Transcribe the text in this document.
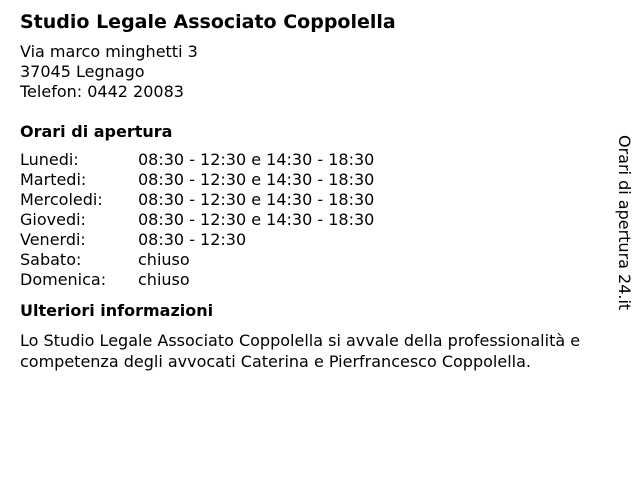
Studio Legale Associato Coppolella
Via marco minghetti 3
37045 Legnago
Telefon: 0442 20083
Orari di apertura
Lunedi:	08:30 - 12:30 e 14:30 - 18:30
Martedi:	08:30 - 12:30 e 14:30 - 18:30
Mercoledi:	08:30 - 12:30 e 14:30 - 18:30
Giovedi:	08:30 - 12:30 e 14:30 - 18:30
Venerdi:	08:30 - 12:30
Sabato:	chiuso
Domenica:	chiuso
Ulteriori informazioni
Lo Studio Legale Associato Coppolella si avvale della professionalità e competenza degli avvocati Caterina e Pierfrancesco Coppolella.
Orari di apertura 24.it
